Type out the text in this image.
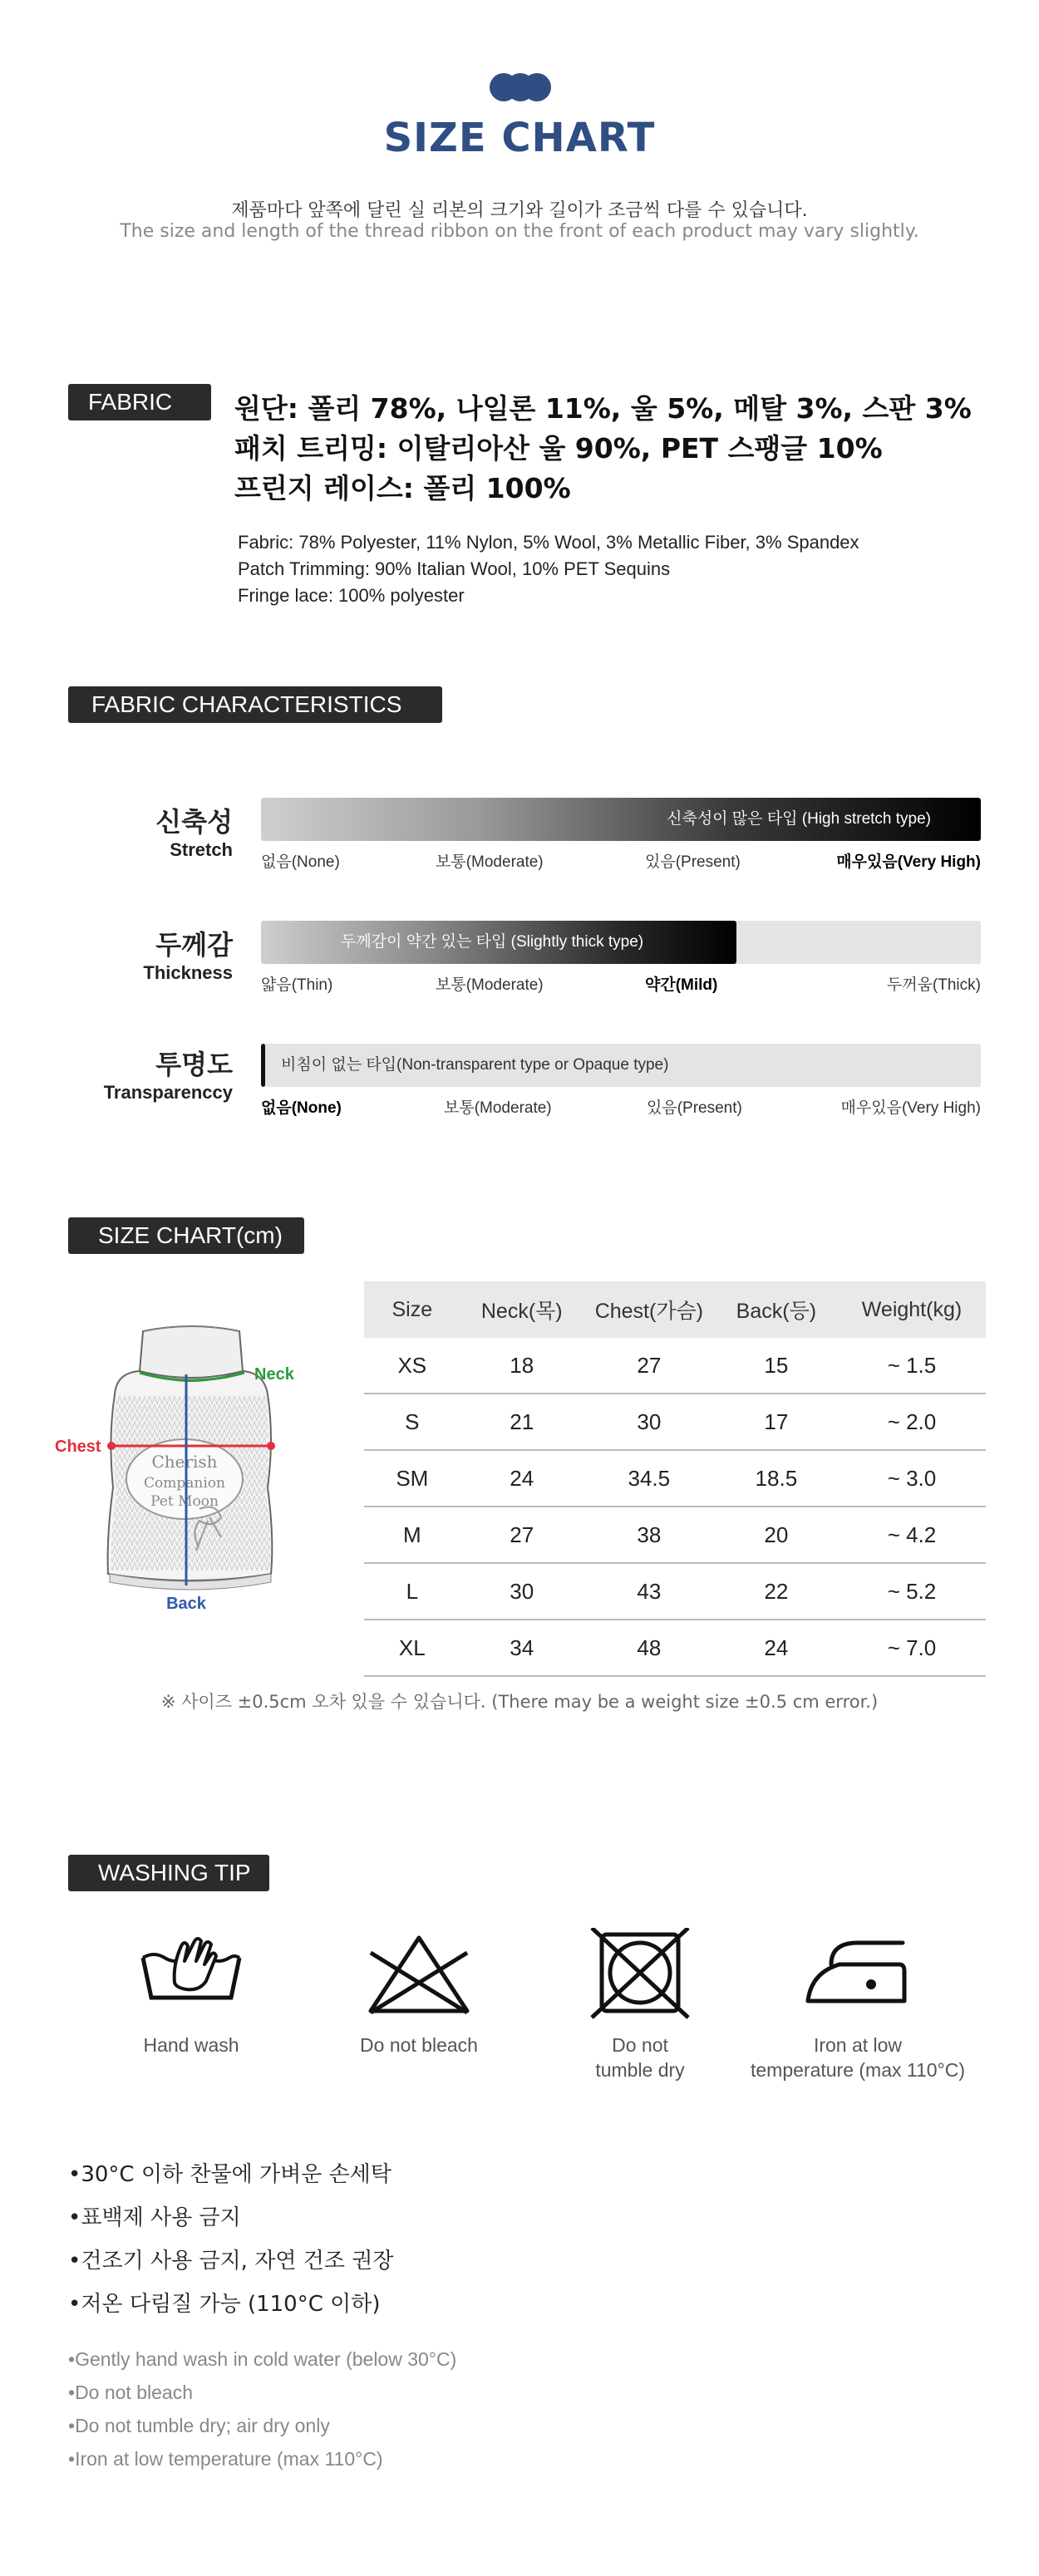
SIZE CHART
제품마다 앞쪽에 달린 실 리본의 크기와 길이가 조금씩 다를 수 있습니다.
The size and length of the thread ribbon on the front of each product may vary slightly.
FABRIC	원단: 폴리 78%, 나일론 11%, 울 5%, 메탈 3%, 스판 3%
패치 트리밍: 이탈리아산 울 90%, PET 스팽글 10%
프린지 레이스: 폴리 100%
Fabric: 78% Polyester, 11% Nylon, 5% Wool, 3% Metallic Fiber, 3% Spandex
Patch Trimming: 90% Italian Wool, 10% PET Sequins
Fringe lace: 100% polyester
FABRIC CHARACTERISTICS
신축성
Stretch
신축성이 많은 타입 (High stretch type)
없음(None)	보통(Moderate)	있음(Present)	매우있음(Very High)
두께감
Thickness
두께감이 약간 있는 타입 (Slightly thick type)
얇음(Thin)	보통(Moderate)	약간(Mild)	두꺼움(Thick)
투명도
Transparenccy
비침이 없는 타입(Non-transparent type or Opaque type)
없음(None)	보통(Moderate)	있음(Present)	매우있음(Very High)
SIZE CHART(cm)
Cherish
Companion
Pet Moon
Neck
Chest
Back
Size	Neck(목)	Chest(가슴)	Back(등)	Weight(kg)
XS	18	27	15	~ 1.5
S	21	30	17	~ 2.0
SM	24	34.5	18.5	~ 3.0
M	27	38	20	~ 4.2
L	30	43	22	~ 5.2
XL	34	48	24	~ 7.0
※ 사이즈 ±0.5cm 오차 있을 수 있습니다. (There may be a weight size ±0.5 cm error.)
WASHING TIP
Hand wash	Do not bleach	Do not
tumble dry
Iron at low
temperature (max 110°C)
•30°C 이하 찬물에 가벼운 손세탁
•표백제 사용 금지
•건조기 사용 금지, 자연 건조 권장
•저온 다림질 가능 (110°C 이하)
•Gently hand wash in cold water (below 30°C)
•Do not bleach
•Do not tumble dry; air dry only
•Iron at low temperature (max 110°C)
